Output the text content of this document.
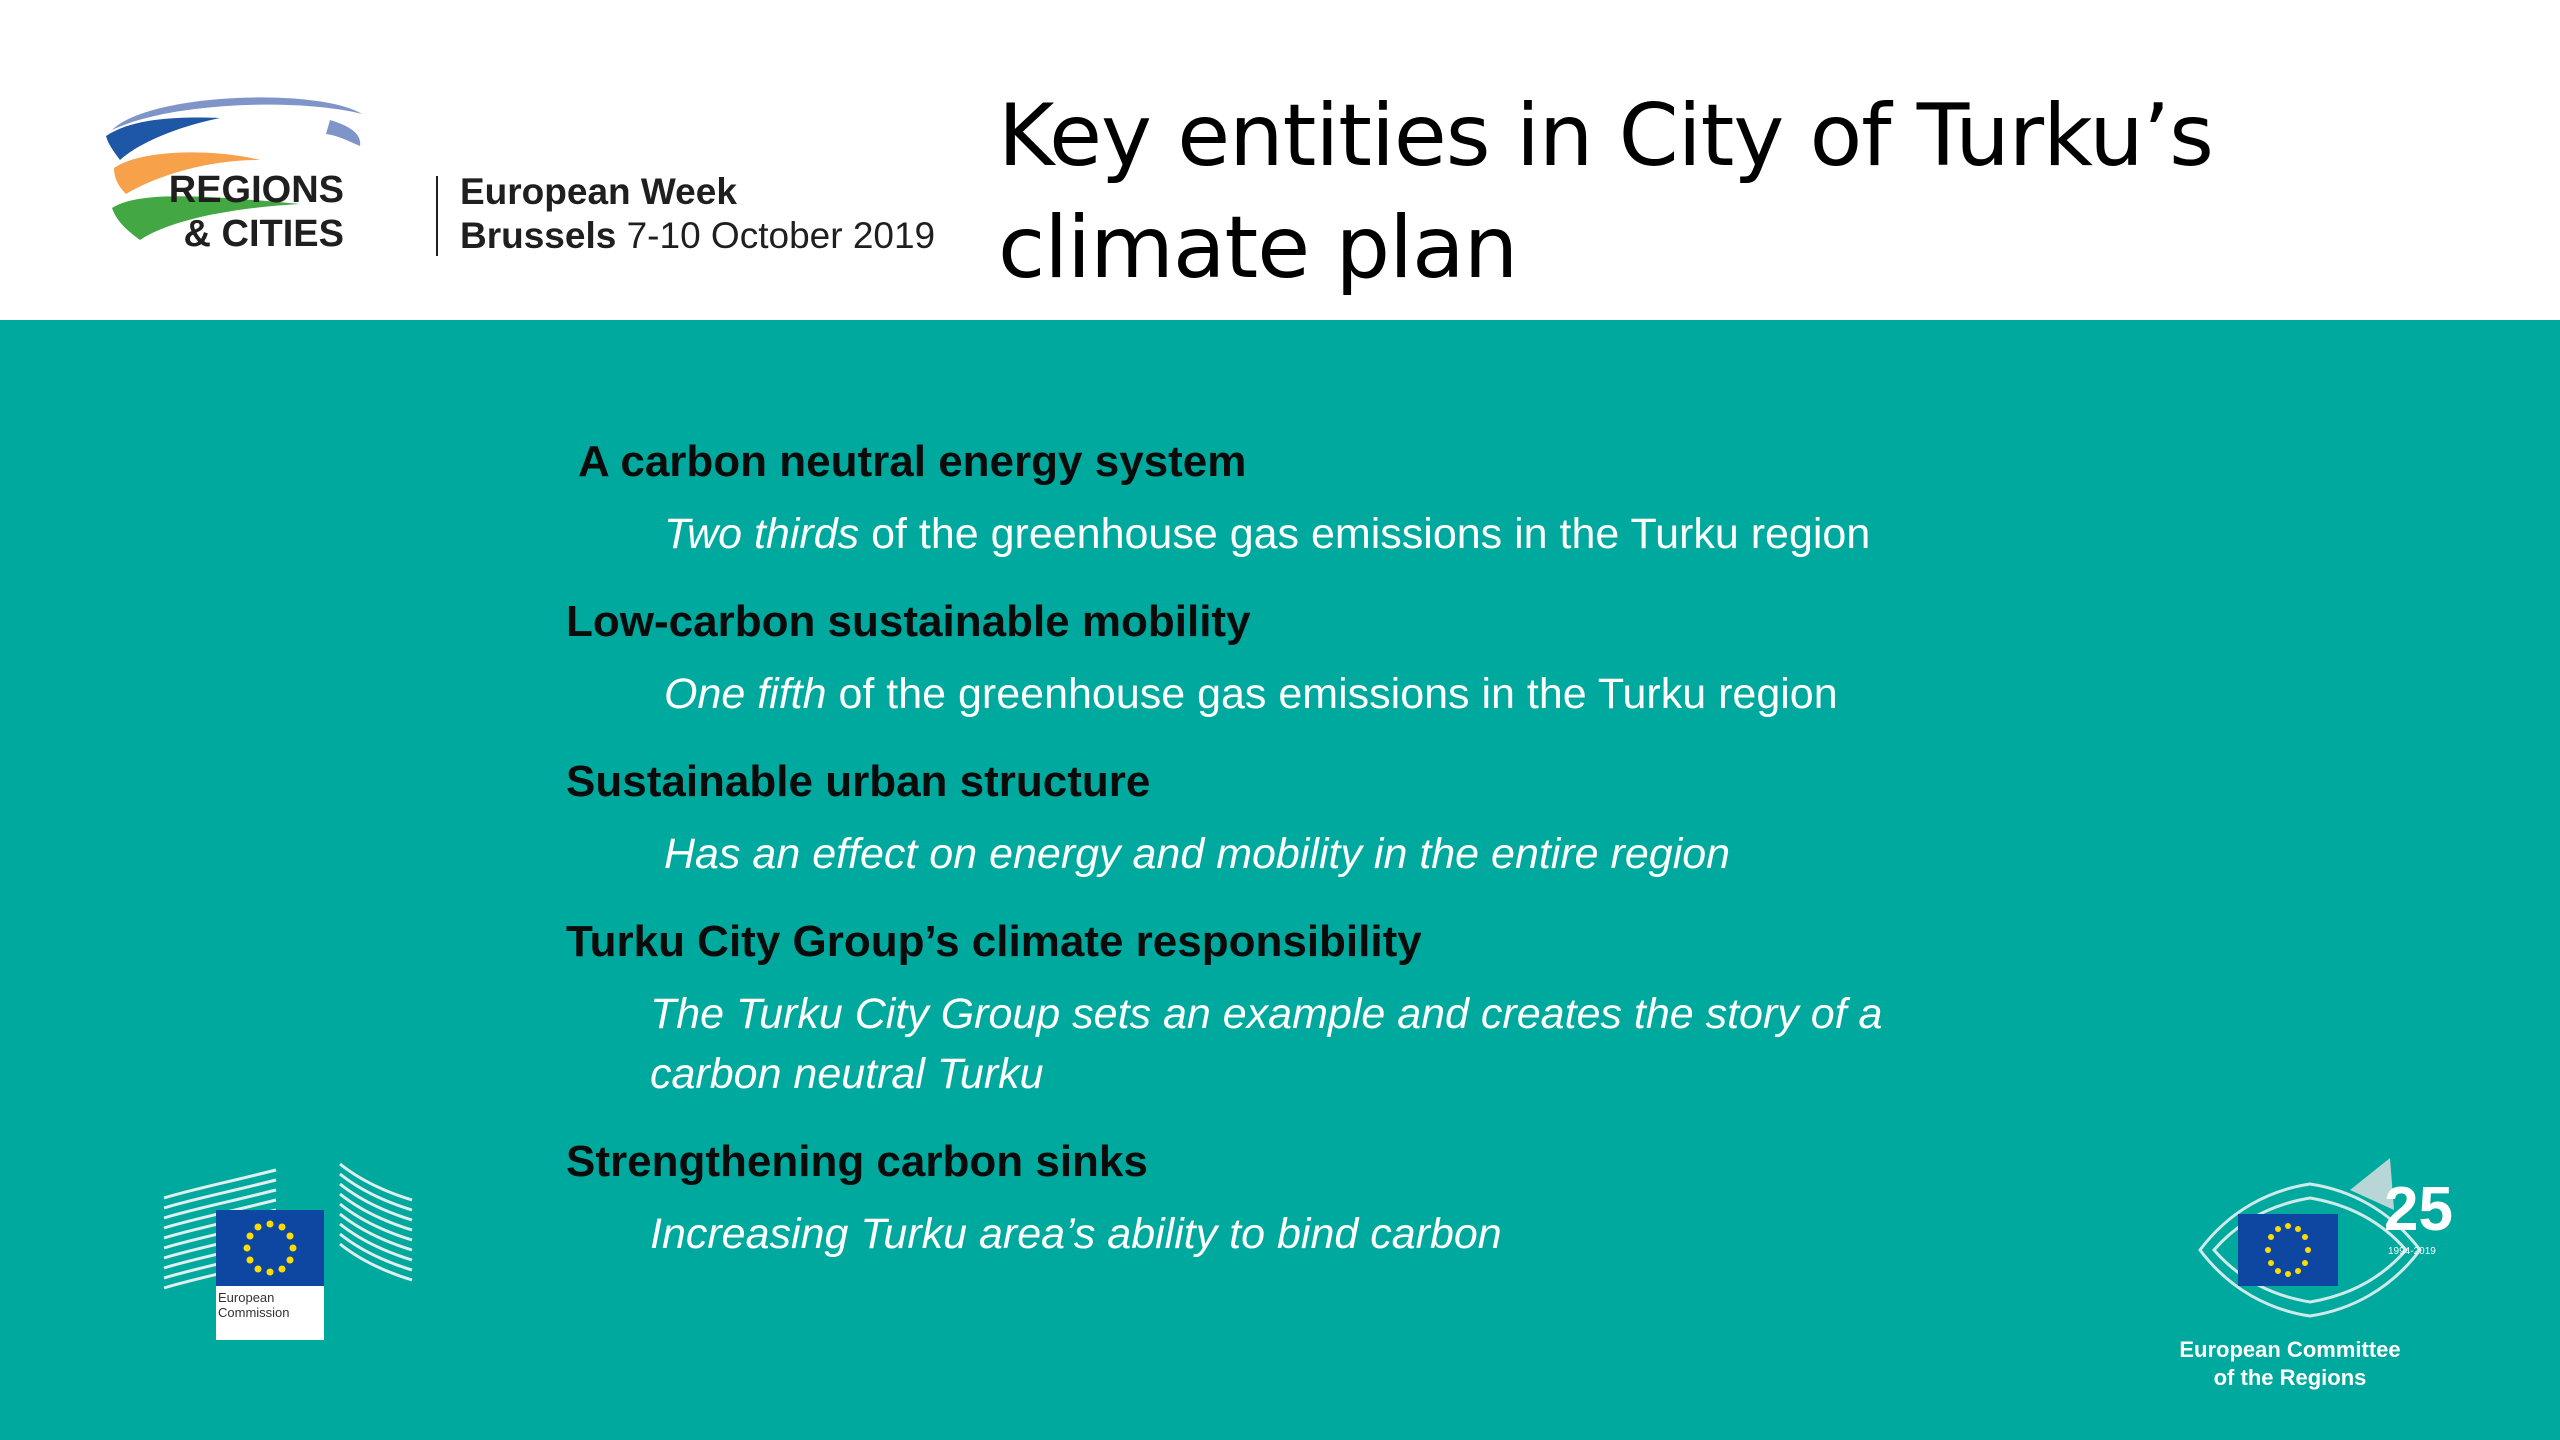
REGIONS
& CITIES
European Week
Brussels 7-10 October 2019
Key entities in City of Turku’s
climate plan
A carbon neutral energy system
Two thirds of the greenhouse gas emissions in the Turku region
Low-carbon sustainable mobility
One fifth of the greenhouse gas emissions in the Turku region
Sustainable urban structure
Has an effect on energy and mobility in the entire region
Turku City Group’s climate responsibility
The Turku City Group sets an example and creates the story of a
carbon neutral Turku
Strengthening carbon sinks
Increasing Turku area’s ability to bind carbon
European
Commission
25
1994-2019
European Committee
of the Regions
